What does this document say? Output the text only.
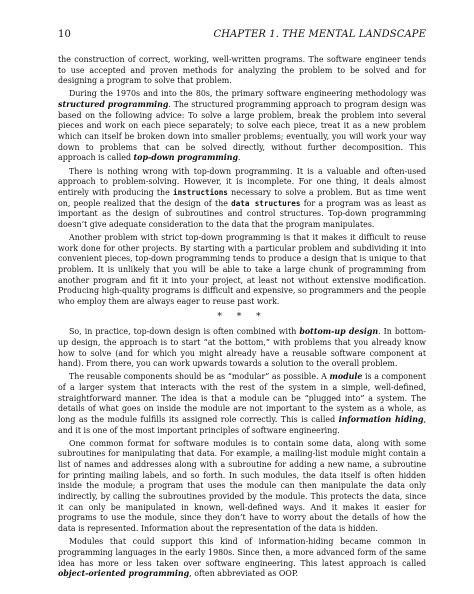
10	CHAPTER 1. THE MENTAL LANDSCAPE

the construction of correct, working, well-written programs. The software engineer tends to use accepted and proven methods for analyzing the problem to be solved and for designing a program to solve that problem.

During the 1970s and into the 80s, the primary software engineering methodology was structured programming. The structured programming approach to program design was based on the following advice: To solve a large problem, break the problem into several pieces and work on each piece separately; to solve each piece, treat it as a new problem which can itself be broken down into smaller problems; eventually, you will work your way down to problems that can be solved directly, without further decomposition. This approach is called top-down programming.

There is nothing wrong with top-down programming. It is a valuable and often-used approach to problem-solving. However, it is incomplete. For one thing, it deals almost entirely with producing the instructions necessary to solve a problem. But as time went on, people realized that the design of the data structures for a program was as least as important as the design of subroutines and control structures. Top-down programming doesn’t give adequate consideration to the data that the program manipulates.

Another problem with strict top-down programming is that it makes it difficult to reuse work done for other projects. By starting with a particular problem and subdividing it into convenient pieces, top-down programming tends to produce a design that is unique to that problem. It is unlikely that you will be able to take a large chunk of programming from another program and fit it into your project, at least not without extensive modification. Producing high-quality programs is difficult and expensive, so programmers and the people who employ them are always eager to reuse past work.

* * *

So, in practice, top-down design is often combined with bottom-up design. In bottom-up design, the approach is to start “at the bottom,” with problems that you already know how to solve (and for which you might already have a reusable software component at hand). From there, you can work upwards towards a solution to the overall problem.

The reusable components should be as “modular” as possible. A module is a component of a larger system that interacts with the rest of the system in a simple, well-defined, straightforward manner. The idea is that a module can be “plugged into” a system. The details of what goes on inside the module are not important to the system as a whole, as long as the module fulfills its assigned role correctly. This is called information hiding, and it is one of the most important principles of software engineering.

One common format for software modules is to contain some data, along with some subroutines for manipulating that data. For example, a mailing-list module might contain a list of names and addresses along with a subroutine for adding a new name, a subroutine for printing mailing labels, and so forth. In such modules, the data itself is often hidden inside the module; a program that uses the module can then manipulate the data only indirectly, by calling the subroutines provided by the module. This protects the data, since it can only be manipulated in known, well-defined ways. And it makes it easier for programs to use the module, since they don’t have to worry about the details of how the data is represented. Information about the representation of the data is hidden.

Modules that could support this kind of information-hiding became common in programming languages in the early 1980s. Since then, a more advanced form of the same idea has more or less taken over software engineering. This latest approach is called object-oriented programming, often abbreviated as OOP.
